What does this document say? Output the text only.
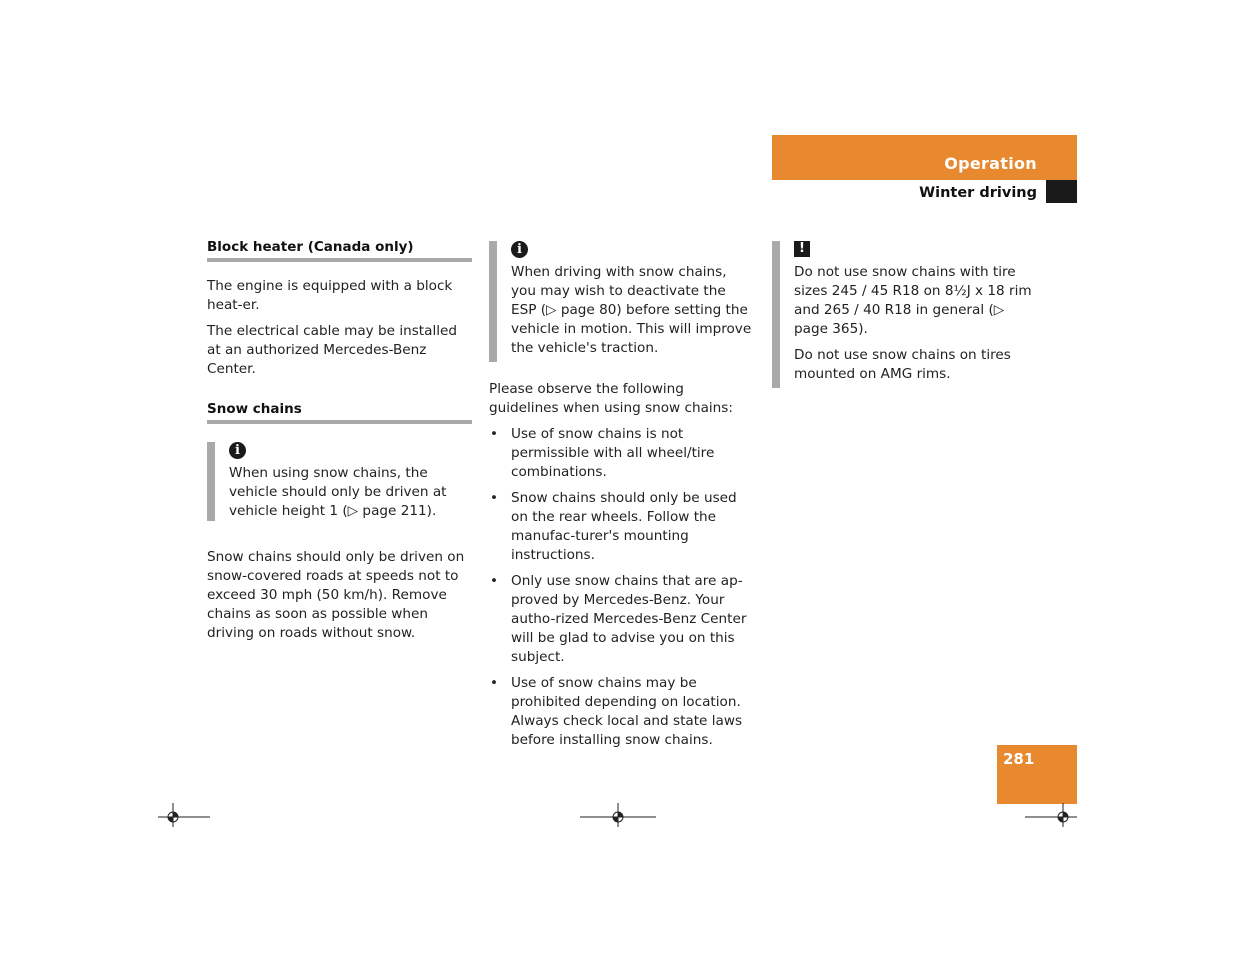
Operation
Winter driving
Block heater (Canada only)

The engine is equipped with a block heat-er.

The electrical cable may be installed at an authorized Mercedes-Benz Center.

Snow chains
i

When using snow chains, the vehicle should only be driven at vehicle height 1 (▷ page 211).

Snow chains should only be driven on snow-covered roads at speeds not to exceed 30 mph (50 km/h). Remove chains as soon as possible when driving on roads without snow.

i

When driving with snow chains, you may wish to deactivate the ESP (▷ page 80) before setting the vehicle in motion. This will improve the vehicle's traction.

Please observe the following guidelines when using snow chains:

• Use of snow chains is not permissible with all wheel/tire combinations.
• Snow chains should only be used on the rear wheels. Follow the manufac-turer's mounting instructions.
• Only use snow chains that are ap-proved by Mercedes-Benz. Your autho-rized Mercedes-Benz Center will be glad to advise you on this subject.
• Use of snow chains may be prohibited depending on location. Always check local and state laws before installing snow chains.
!

Do not use snow chains with tire sizes 245 / 45 R18 on 8½J x 18 rim and 265 / 40 R18 in general (▷ page 365).

Do not use snow chains on tires mounted on AMG rims.

281
